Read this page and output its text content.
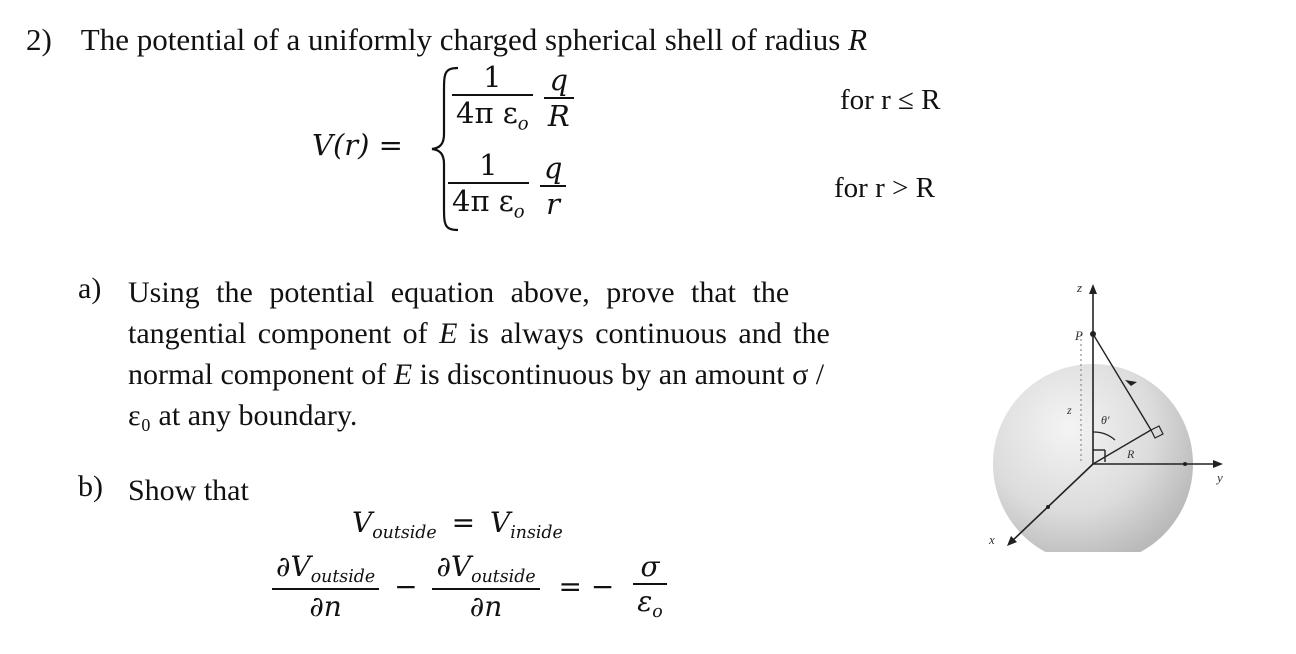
2) The potential of a uniformly charged spherical shell of radius R
V(r) =
$\frac{1}{4\pi \varepsilon_o}$
$\frac{q}{R}$	for r ≤ R
$\frac{1}{4\pi \varepsilon_o}$
$\frac{q}{r}$	for r > R
a) Using the potential equation above, prove that the
tangential component of E is always continuous and the
normal component of E is discontinuous by an amount σ /
ε₀ at any boundary.
b) Show that
$V_{outside} = V_{inside}$
$\frac{\partial V_{outside}}{\partial n} - \frac{\partial V_{outside}}{\partial n}$ = − $\frac{\sigma}{\varepsilon_o}$
z
y
x
P
z
θ′
R
